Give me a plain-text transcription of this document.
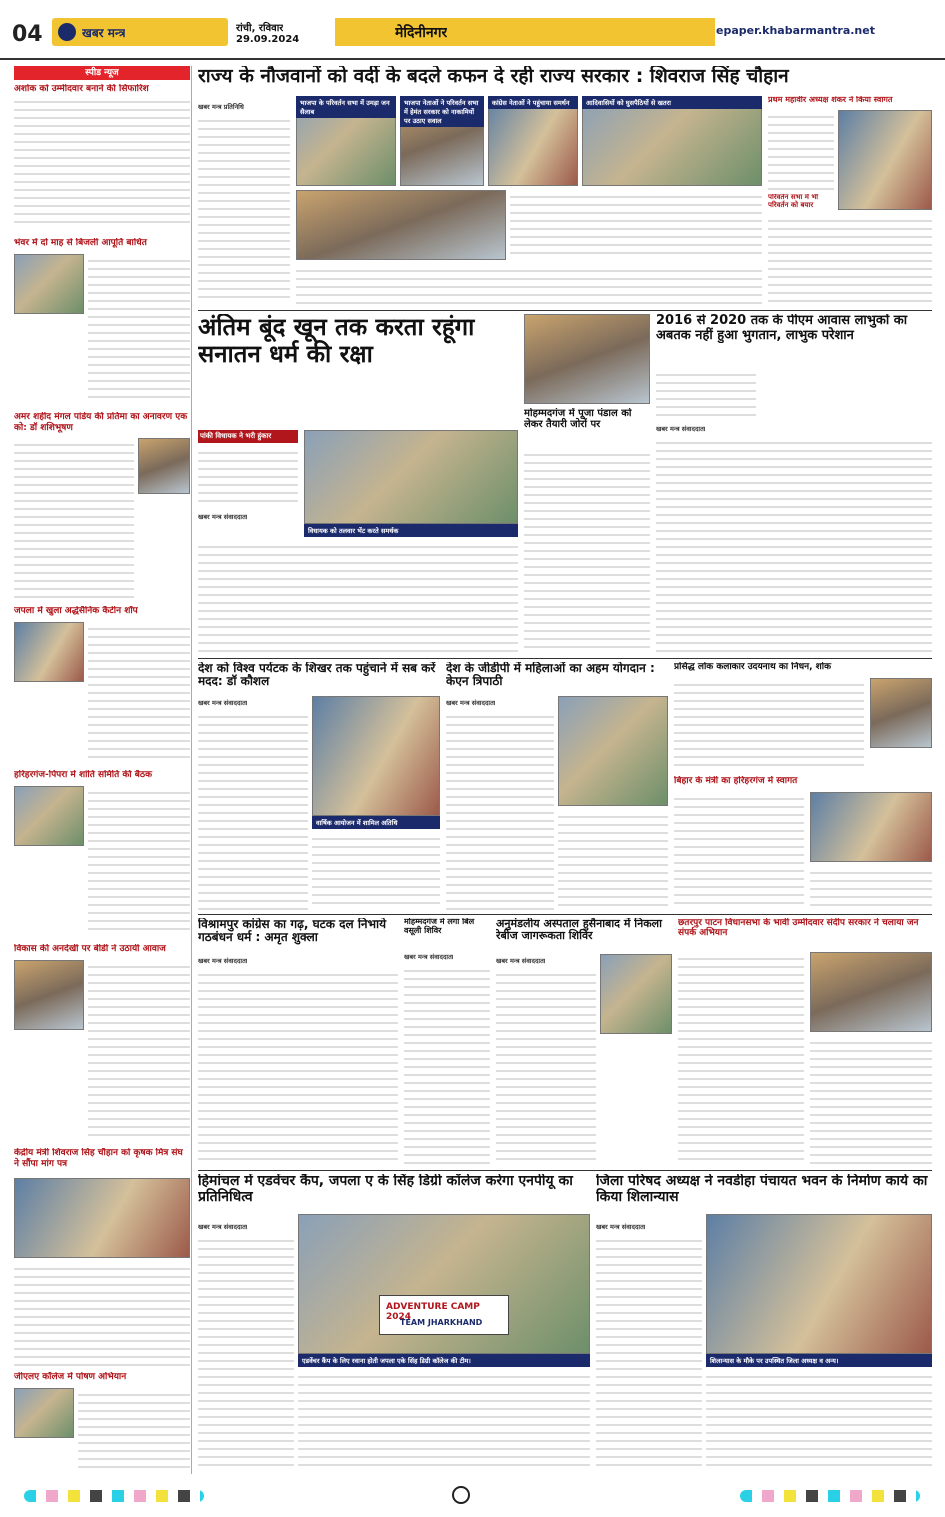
04	खबर मन्त्र	रांची, रविवार
29.09.2024	मेदिनीनगर	epaper.khabarmantra.net
स्पीड न्यूज
अशोक को उम्मीदवार बनाने की सिफारिश
भंवर में दो माह से बिजली आपूर्ति बाधित
अमर शहीद मंगल पांडेय की प्रतिमा का अनावरण एक को: डॉ शशिभूषण
जपला में खुला अर्द्धसैनिक कैंटीन शॉप
हरिहरगंज-पिपरा में शांति समिति की बैठक
विकास की अनदेखी पर बीडी ने उठायी आवाज
केंद्रीय मंत्री शिवराज सिंह चौहान को कृषक मित्र संघ ने सौंपा मांग पत्र
जीएलए कॉलेज में पोषण अभियान
राज्य के नौजवानों को वर्दी के बदले कफन दे रही राज्य सरकार : शिवराज सिंह चौहान
खबर मन्त्र प्रतिनिधि	भाजपा के परिवर्तन सभा में उमड़ा जन सैलाब
भाजपा नेताओं ने परिवर्तन सभा में हेमंत सरकार को नाकामियों पर उठाए सवाल
कांग्रेस नेताओं ने पहुंचाया समर्थन	आदिवासियों को घुसपैठियों से खतरा	प्रथम महावीर अध्यक्ष शंकर ने किया स्वागत
परिवर्तन सभा में भी परिवर्तन को बयार
अंतिम बूंद खून तक करता रहूंगा सनातन धर्म की रक्षा
पांकी विधायक ने भरी हुंकार
विधायक को तलवार भेंट करते समर्थक
खबर मन्त्र संवाददाता
मोहम्मदगंज में पूजा पंडाल को लेकर तैयारी जोरों पर
2016 से 2020 तक के पीएम आवास लाभुकों का अबतक नहीं हुआ भुगतान, लाभुक परेशान
खबर मन्त्र संवाददाता
देश को विश्व पर्यटक के शिखर तक पहुंचाने में सब करें मदद: डॉ कौशल
खबर मन्त्र संवाददाता
वार्षिक आयोजन में शामिल अतिथि
देश के जीडीपी में महिलाओं का अहम योगदान : केएन त्रिपाठी
खबर मन्त्र संवाददाता
प्रसिद्ध लोक कलाकार उदयनाथ का निधन, शोक
बिहार के मंत्री का हरिहरगंज में स्वागत
विश्रामपुर कांग्रेस का गढ़, घटक दल निभाये गठबंधन धर्म : अमृत शुक्ला
खबर मन्त्र संवाददाता
मोहम्मदगंज में लगा बिल वसूली शिविर
खबर मन्त्र संवाददाता
अनुमंडलीय अस्पताल हुसैनाबाद में निकला रेबीज जागरूकता शिविर
खबर मन्त्र संवाददाता
छतरपुर पाटन विधानसभा के भावी उम्मीदवार संदीप सरकार ने चलाया जन संपर्क अभियान
हिमांचल में एडवेंचर कैंप, जपला ए के सिंह डिग्री कॉलेज करेगा एनपीयू का प्रतिनिधित्व
खबर मन्त्र संवाददाता
ADVENTURE CAMP 2024
TEAM JHARKHAND
एडवेंचर कैंप के लिए रवाना होती जपला एके सिंह डिग्री कॉलेज की टीम।
जिला परिषद अध्यक्ष ने नवडीहा पंचायत भवन के निर्माण कार्य का किया शिलान्यास
खबर मन्त्र संवाददाता
शिलान्यास के मौके पर उपस्थित जिला अध्यक्ष व अन्य।
